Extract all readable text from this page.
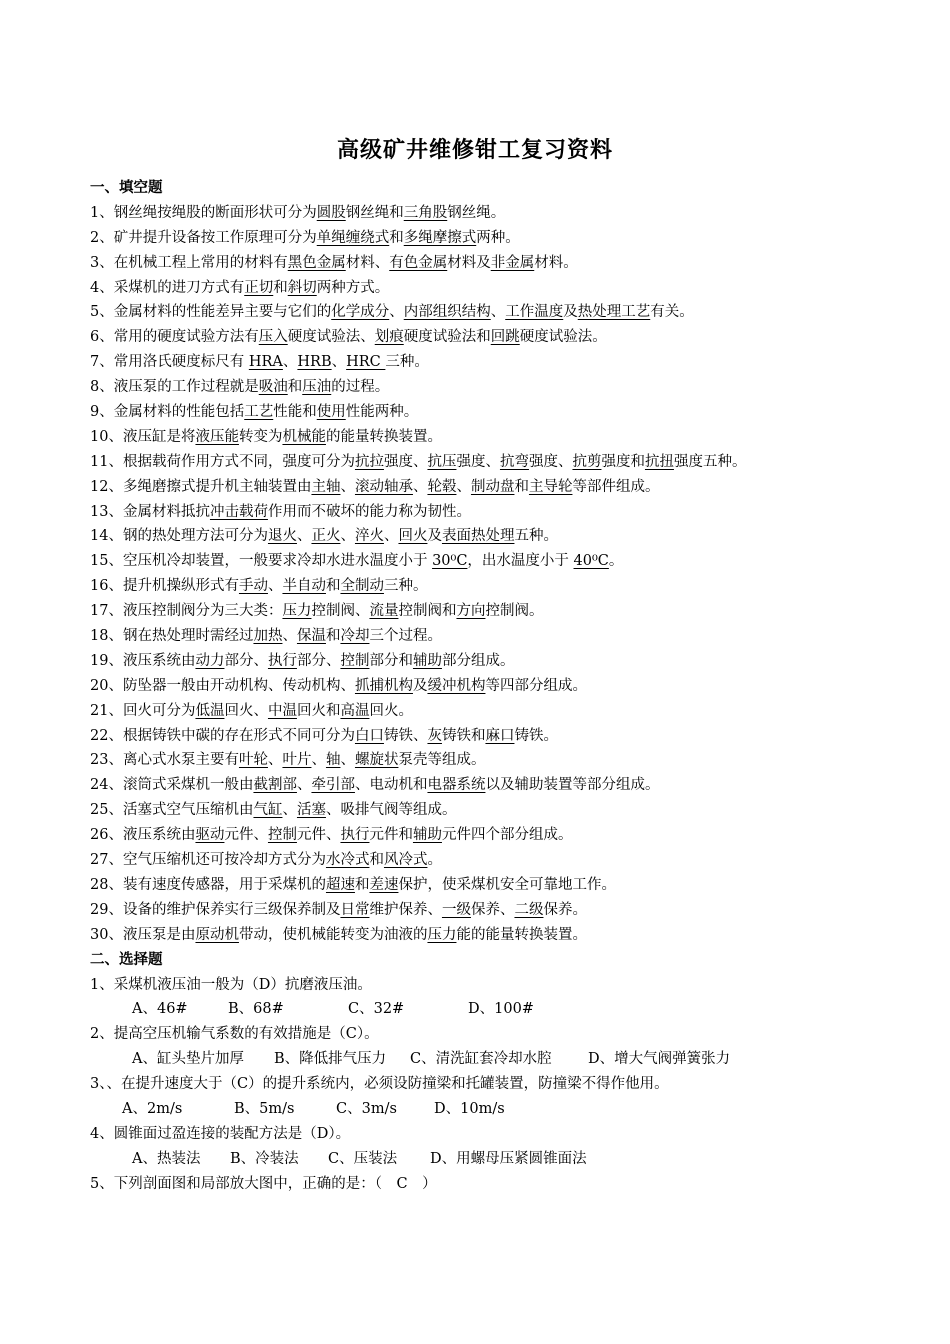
高级矿井维修钳工复习资料
一、填空题
1、钢丝绳按绳股的断面形状可分为圆股钢丝绳和三角股钢丝绳。
2、矿井提升设备按工作原理可分为单绳缠绕式和多绳摩擦式两种。
3、在机械工程上常用的材料有黑色金属材料、有色金属材料及非金属材料。
4、采煤机的进刀方式有正切和斜切两种方式。
5、金属材料的性能差异主要与它们的化学成分、内部组织结构、工作温度及热处理工艺有关。
6、常用的硬度试验方法有压入硬度试验法、划痕硬度试验法和回跳硬度试验法。
7、常用洛氏硬度标尺有 HRA、HRB、HRC 三种。
8、液压泵的工作过程就是吸油和压油的过程。
9、金属材料的性能包括工艺性能和使用性能两种。
10、液压缸是将液压能转变为机械能的能量转换装置。
11、根据载荷作用方式不同，强度可分为抗拉强度、抗压强度、抗弯强度、抗剪强度和抗扭强度五种。
12、多绳磨擦式提升机主轴装置由主轴、滚动轴承、轮毂、制动盘和主导轮等部件组成。
13、金属材料抵抗冲击载荷作用而不破坏的能力称为韧性。
14、钢的热处理方法可分为退火、正火、淬火、回火及表面热处理五种。
15、空压机冷却装置，一般要求冷却水进水温度小于 30⁰C，出水温度小于 40⁰C。
16、提升机操纵形式有手动、半自动和全制动三种。
17、液压控制阀分为三大类：压力控制阀、流量控制阀和方向控制阀。
18、钢在热处理时需经过加热、保温和冷却三个过程。
19、液压系统由动力部分、执行部分、控制部分和辅助部分组成。
20、防坠器一般由开动机构、传动机构、抓捕机构及缓冲机构等四部分组成。
21、回火可分为低温回火、中温回火和高温回火。
22、根据铸铁中碳的存在形式不同可分为白口铸铁、灰铸铁和麻口铸铁。
23、离心式水泵主要有叶轮、叶片、轴、螺旋状泵壳等组成。
24、滚筒式采煤机一般由截割部、牵引部、电动机和电器系统以及辅助装置等部分组成。
25、活塞式空气压缩机由气缸、活塞、吸排气阀等组成。
26、液压系统由驱动元件、控制元件、执行元件和辅助元件四个部分组成。
27、空气压缩机还可按冷却方式分为水冷式和风冷式。
28、装有速度传感器，用于采煤机的超速和差速保护，使采煤机安全可靠地工作。
29、设备的维护保养实行三级保养制及日常维护保养、一级保养、二级保养。
30、液压泵是由原动机带动，使机械能转变为油液的压力能的能量转换装置。
二、选择题
1、采煤机液压油一般为（D）抗磨液压油。
A、46#	B、68#	C、32#	D、100#
2、提高空压机输气系数的有效措施是（C）。
A、缸头垫片加厚 B、降低排气压力 C、清洗缸套冷却水腔	D、增大气阀弹簧张力
3、、在提升速度大于（C）的提升系统内，必须设防撞梁和托罐装置，防撞梁不得作他用。
A、2m/s	B、5m/s	C、3m/s	D、10m/s
4、圆锥面过盈连接的装配方法是（D）。
A、热装法 B、冷装法 C、压装法 D、用螺母压紧圆锥面法
5、下列剖面图和局部放大图中，正确的是：（　C　）
